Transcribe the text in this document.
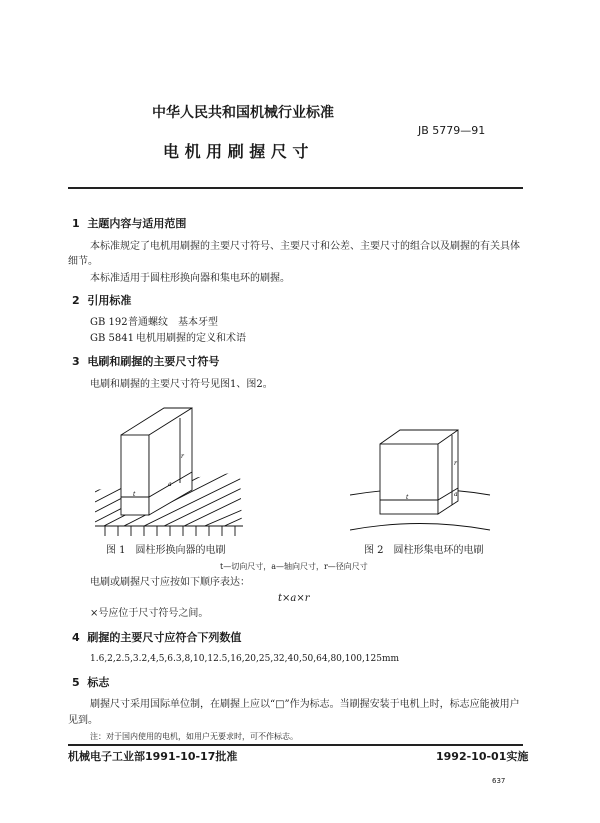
中华人民共和国机械行业标准
JB 5779—91
电 机 用 刷 握 尺 寸
1 主题内容与适用范围
本标准规定了电机用刷握的主要尺寸符号、主要尺寸和公差、主要尺寸的组合以及刷握的有关具体
细节。
本标准适用于圆柱形换向器和集电环的刷握。
2 引用标准
GB 192普通螺纹　基本牙型
GB 5841 电机用刷握的定义和术语
3 电刷和刷握的主要尺寸符号
电刷和刷握的主要尺寸符号见图1、图2。
t
a
r
t	a
r
图 1　圆柱形换向器的电刷	图 2　圆柱形集电环的电刷
t—切向尺寸，a—轴向尺寸，r—径向尺寸
电刷或刷握尺寸应按如下顺序表达：
t×a×r
×号应位于尺寸符号之间。
4 刷握的主要尺寸应符合下列数值
1.6,2,2.5,3.2,4,5,6.3,8,10,12.5,16,20,25,32,40,50,64,80,100,125mm
5 标志
刷握尺寸采用国际单位制，在刷握上应以“□”作为标志。当刷握安装于电机上时，标志应能被用户
见到。
注：对于国内使用的电机，如用户无要求时，可不作标志。
机械电子工业部1991-10-17批准	1992-10-01实施
637
